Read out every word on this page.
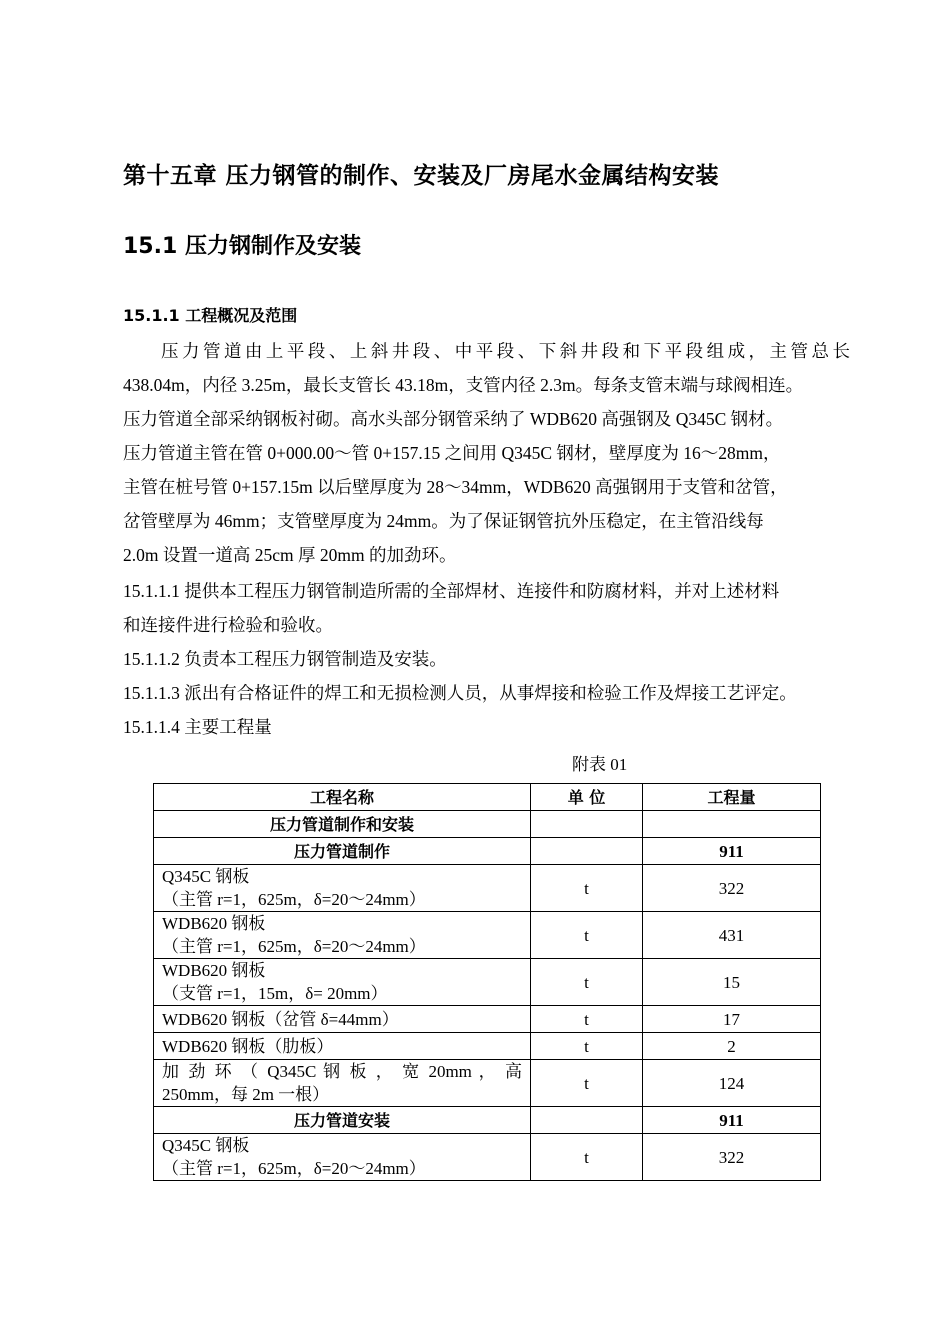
第十五章 压力钢管的制作、安装及厂房尾水金属结构安装
15.1 压力钢制作及安装
15.1.1 工程概况及范围
压力管道由上平段、上斜井段、中平段、下斜井段和下平段组成，主管总长
438.04m，内径 3.25m，最长支管长 43.18m，支管内径 2.3m。每条支管末端与球阀相连。
压力管道全部采纳钢板衬砌。高水头部分钢管采纳了 WDB620 高强钢及 Q345C 钢材。
压力管道主管在管 0+000.00～管 0+157.15 之间用 Q345C 钢材，壁厚度为 16～28mm，
主管在桩号管 0+157.15m 以后壁厚度为 28～34mm，WDB620 高强钢用于支管和岔管，
岔管壁厚为 46mm；支管壁厚度为 24mm。为了保证钢管抗外压稳定，在主管沿线每
2.0m 设置一道高 25cm 厚 20mm 的加劲环。
15.1.1.1 提供本工程压力钢管制造所需的全部焊材、连接件和防腐材料，并对上述材料
和连接件进行检验和验收。
15.1.1.2 负责本工程压力钢管制造及安装。
15.1.1.3 派出有合格证件的焊工和无损检测人员，从事焊接和检验工作及焊接工艺评定。
15.1.1.4 主要工程量
附表 01
工程名称	单 位	工程量
压力管道制作和安装		
压力管道制作		911

Q345C 钢板
（主管 r=1，625m，δ=20～24mm）	t	322

WDB620 钢板
（主管 r=1，625m，δ=20～24mm）	t	431

WDB620 钢板
（支管 r=1，15m，δ= 20mm）	t	15
WDB620 钢板（岔管 δ=44mm）	t	17
WDB620 钢板（肋板）	t	2

加 劲 环 （ Q345C 钢 板 ， 宽 20mm ， 高
250mm，每 2m 一根）	t	124
压力管道安装		911

Q345C 钢板
（主管 r=1，625m，δ=20～24mm）	t	322
